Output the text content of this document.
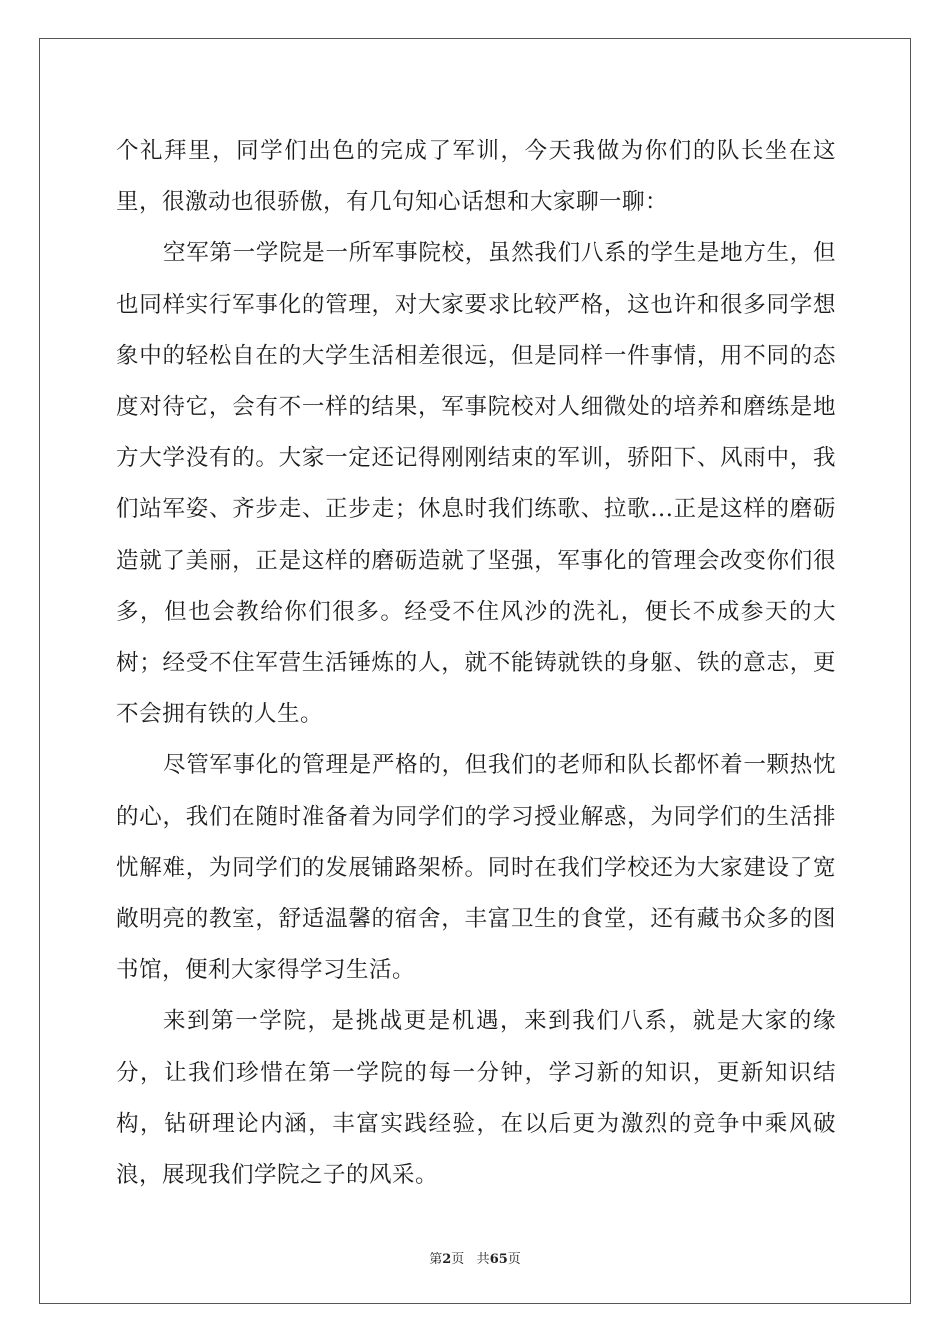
个礼拜里，同学们出色的完成了军训，今天我做为你们的队长坐在这里，很激动也很骄傲，有几句知心话想和大家聊一聊：

空军第一学院是一所军事院校，虽然我们八系的学生是地方生，但也同样实行军事化的管理，对大家要求比较严格，这也许和很多同学想象中的轻松自在的大学生活相差很远，但是同样一件事情，用不同的态度对待它，会有不一样的结果，军事院校对人细微处的培养和磨练是地方大学没有的。大家一定还记得刚刚结束的军训，骄阳下、风雨中，我们站军姿、齐步走、正步走；休息时我们练歌、拉歌...正是这样的磨砺造就了美丽，正是这样的磨砺造就了坚强，军事化的管理会改变你们很多，但也会教给你们很多。经受不住风沙的洗礼，便长不成参天的大树；经受不住军营生活锤炼的人，就不能铸就铁的身躯、铁的意志，更不会拥有铁的人生。

尽管军事化的管理是严格的，但我们的老师和队长都怀着一颗热忱的心，我们在随时准备着为同学们的学习授业解惑，为同学们的生活排忧解难，为同学们的发展铺路架桥。同时在我们学校还为大家建设了宽敞明亮的教室，舒适温馨的宿舍，丰富卫生的食堂，还有藏书众多的图书馆，便利大家得学习生活。

来到第一学院，是挑战更是机遇，来到我们八系，就是大家的缘分，让我们珍惜在第一学院的每一分钟，学习新的知识，更新知识结构，钻研理论内涵，丰富实践经验，在以后更为激烈的竞争中乘风破浪，展现我们学院之子的风采。

第2页 共65页
